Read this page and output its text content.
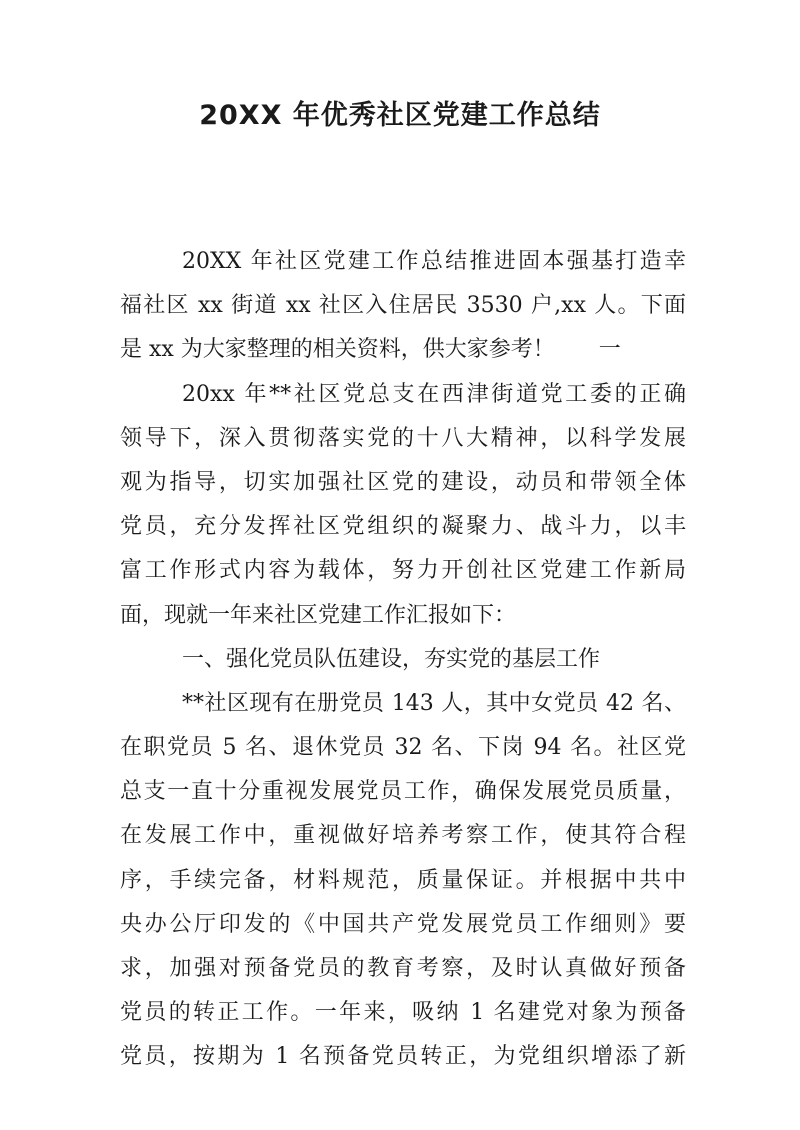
20XX 年优秀社区党建工作总结
20XX 年社区党建工作总结推进固本强基打造幸
福社区 xx 街道 xx 社区入住居民 3530 户,xx 人。下面
是 xx 为大家整理的相关资料，供大家参考！　　一
20xx 年**社区党总支在西津街道党工委的正确
领导下，深入贯彻落实党的十八大精神，以科学发展
观为指导，切实加强社区党的建设，动员和带领全体
党员，充分发挥社区党组织的凝聚力、战斗力，以丰
富工作形式内容为载体，努力开创社区党建工作新局
面，现就一年来社区党建工作汇报如下：
一、强化党员队伍建设，夯实党的基层工作
**社区现有在册党员 143 人，其中女党员 42 名、
在职党员 5 名、退休党员 32 名、下岗 94 名。社区党
总支一直十分重视发展党员工作，确保发展党员质量，
在发展工作中，重视做好培养考察工作，使其符合程
序，手续完备，材料规范，质量保证。并根据中共中
央办公厅印发的《中国共产党发展党员工作细则》要
求，加强对预备党员的教育考察，及时认真做好预备
党员的转正工作。一年来，吸纳 1 名建党对象为预备
党员，按期为 1 名预备党员转正，为党组织增添了新
